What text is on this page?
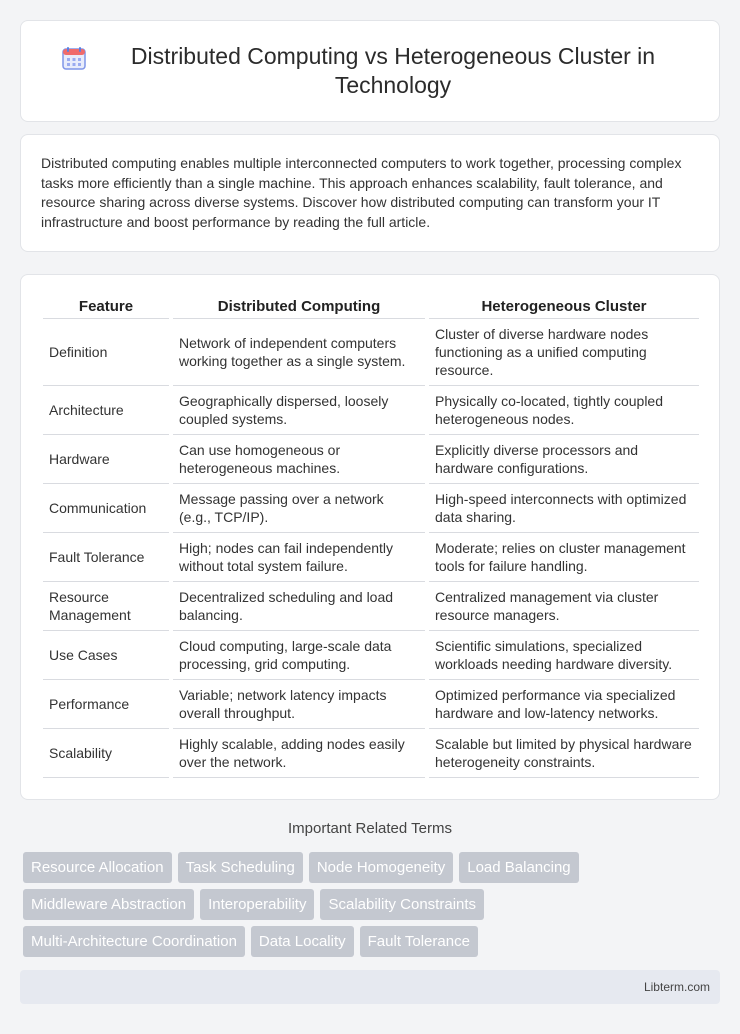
Distributed Computing vs Heterogeneous Cluster in Technology

Distributed computing enables multiple interconnected computers to work together, processing complex tasks more efficiently than a single machine. This approach enhances scalability, fault tolerance, and resource sharing across diverse systems. Discover how distributed computing can transform your IT infrastructure and boost performance by reading the full article.

Feature	Distributed Computing	Heterogeneous Cluster
Definition	Network of independent computers working together as a single system.	Cluster of diverse hardware nodes functioning as a unified computing resource.
Architecture	Geographically dispersed, loosely coupled systems.	Physically co-located, tightly coupled heterogeneous nodes.
Hardware	Can use homogeneous or heterogeneous machines.	Explicitly diverse processors and hardware configurations.
Communication	Message passing over a network (e.g., TCP/IP).	High-speed interconnects with optimized data sharing.
Fault Tolerance	High; nodes can fail independently without total system failure.	Moderate; relies on cluster management tools for failure handling.
Resource Management	Decentralized scheduling and load balancing.	Centralized management via cluster resource managers.
Use Cases	Cloud computing, large-scale data processing, grid computing.	Scientific simulations, specialized workloads needing hardware diversity.
Performance	Variable; network latency impacts overall throughput.	Optimized performance via specialized hardware and low-latency networks.
Scalability	Highly scalable, adding nodes easily over the network.	Scalable but limited by physical hardware heterogeneity constraints.
Important Related Terms
Resource Allocation	Task Scheduling	Node Homogeneity	Load Balancing
Middleware Abstraction	Interoperability	Scalability Constraints
Multi-Architecture Coordination	Data Locality	Fault Tolerance
Libterm.com
